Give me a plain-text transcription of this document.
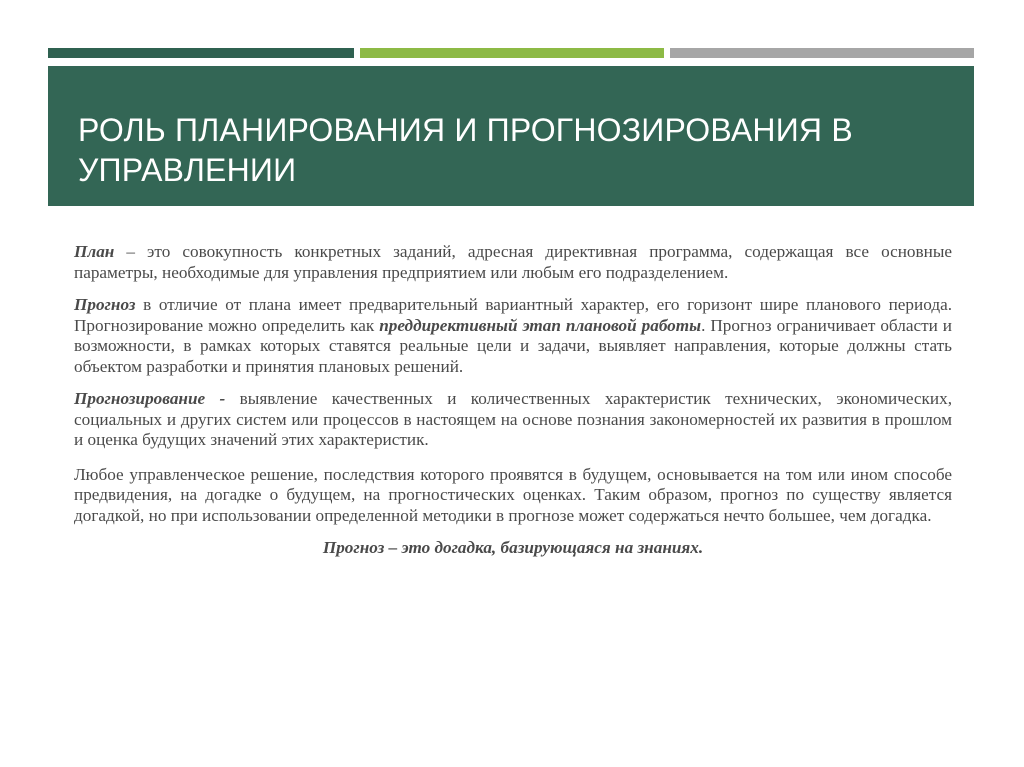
РОЛЬ ПЛАНИРОВАНИЯ И ПРОГНОЗИРОВАНИЯ В УПРАВЛЕНИИ

План – это совокупность конкретных заданий, адресная директивная программа, содержащая все основные параметры, необходимые для управления предприятием или любым его подразделением.

Прогноз в отличие от плана имеет предварительный вариантный характер, его горизонт шире планового периода. Прогнозирование можно определить как преддирективный этап плановой работы. Прогноз ограничивает области и возможности, в рамках которых ставятся реальные цели и задачи, выявляет направления, которые должны стать объектом разработки и принятия плановых решений.

Прогнозирование - выявление качественных и количественных характеристик технических, экономических, социальных и других систем или процессов в настоящем на основе познания закономерностей их развития в прошлом и оценка будущих значений этих характеристик.

Любое управленческое решение, последствия которого проявятся в будущем, основывается на том или ином способе предвидения, на догадке о будущем, на прогностических оценках. Таким образом, прогноз по существу является догадкой, но при использовании определенной методики в прогнозе может содержаться нечто большее, чем догадка.

Прогноз – это догадка, базирующаяся на знаниях.
